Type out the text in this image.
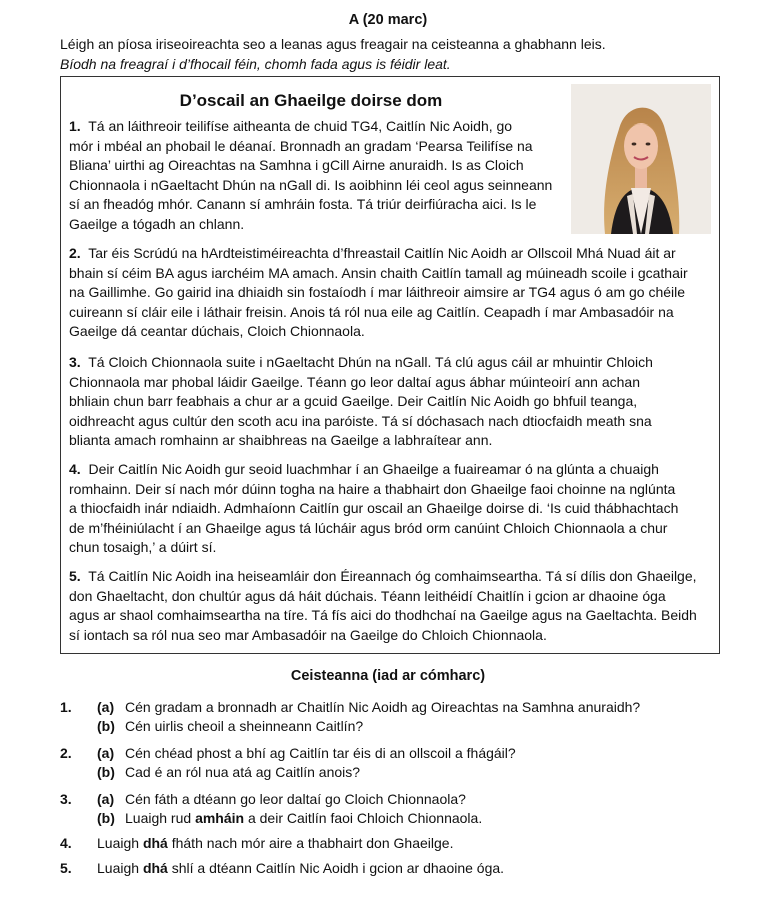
A (20 marc)
Léigh an píosa iriseoireachta seo a leanas agus freagair na ceisteanna a ghabhann leis.
Bíodh na freagraí i d’fhocail féin, chomh fada agus is féidir leat.
D’oscail an Ghaeilge doirse dom

1. Tá an láithreoir teilifíse aitheanta de chuid TG4, Caitlín Nic Aoidh, go
mór i mbéal an phobail le déanaí. Bronnadh an gradam ‘Pearsa Teilifíse na
Bliana’ uirthi ag Oireachtas na Samhna i gCill Airne anuraidh. Is as Cloich
Chionnaola i nGaeltacht Dhún na nGall di. Is aoibhinn léi ceol agus seinneann
sí an fheadóg mhór. Canann sí amhráin fosta. Tá triúr deirfiúracha aici. Is le
Gaeilge a tógadh an chlann.

2. Tar éis Scrúdú na hArdteistiméireachta d’fhreastail Caitlín Nic Aoidh ar Ollscoil Mhá Nuad áit ar
bhain sí céim BA agus iarchéim MA amach. Ansin chaith Caitlín tamall ag múineadh scoile i gcathair
na Gaillimhe. Go gairid ina dhiaidh sin fostaíodh í mar láithreoir aimsire ar TG4 agus ó am go chéile
cuireann sí cláir eile i láthair freisin. Anois tá ról nua eile ag Caitlín. Ceapadh í mar Ambasadóir na
Gaeilge dá ceantar dúchais, Cloich Chionnaola.

3. Tá Cloich Chionnaola suite i nGaeltacht Dhún na nGall. Tá clú agus cáil ar mhuintir Chloich
Chionnaola mar phobal láidir Gaeilge. Téann go leor daltaí agus ábhar múinteoirí ann achan
bhliain chun barr feabhais a chur ar a gcuid Gaeilge. Deir Caitlín Nic Aoidh go bhfuil teanga,
oidhreacht agus cultúr den scoth acu ina paróiste. Tá sí dóchasach nach dtiocfaidh meath sna
blianta amach romhainn ar shaibhreas na Gaeilge a labhraítear ann.

4. Deir Caitlín Nic Aoidh gur seoid luachmhar í an Ghaeilge a fuaireamar ó na glúnta a chuaigh
romhainn. Deir sí nach mór dúinn togha na haire a thabhairt don Ghaeilge faoi choinne na nglúnta
a thiocfaidh inár ndiaidh. Admhaíonn Caitlín gur oscail an Ghaeilge doirse di. ‘Is cuid thábhachtach
de m’fhéiniúlacht í an Ghaeilge agus tá lúcháir agus bród orm canúint Chloich Chionnaola a chur
chun tosaigh,’ a dúirt sí.

5. Tá Caitlín Nic Aoidh ina heiseamláir don Éireannach óg comhaimseartha. Tá sí dílis don Ghaeilge,
don Ghaeltacht, don chultúr agus dá háit dúchais. Téann leithéidí Chaitlín i gcion ar dhaoine óga
agus ar shaol comhaimseartha na tíre. Tá fís aici do thodhchaí na Gaeilge agus na Gaeltachta. Beidh
sí iontach sa ról nua seo mar Ambasadóir na Gaeilge do Chloich Chionnaola.

Ceisteanna (iad ar cómharc)
1. (a) Cén gradam a bronnadh ar Chaitlín Nic Aoidh ag Oireachtas na Samhna anuraidh?
(b) Cén uirlis cheoil a sheinneann Caitlín?
2. (a) Cén chéad phost a bhí ag Caitlín tar éis di an ollscoil a fhágáil?
(b) Cad é an ról nua atá ag Caitlín anois?
3. (a) Cén fáth a dtéann go leor daltaí go Cloich Chionnaola?
(b) Luaigh rud amháin a deir Caitlín faoi Chloich Chionnaola.
4. Luaigh dhá fháth nach mór aire a thabhairt don Ghaeilge.
5. Luaigh dhá shlí a dtéann Caitlín Nic Aoidh i gcion ar dhaoine óga.
